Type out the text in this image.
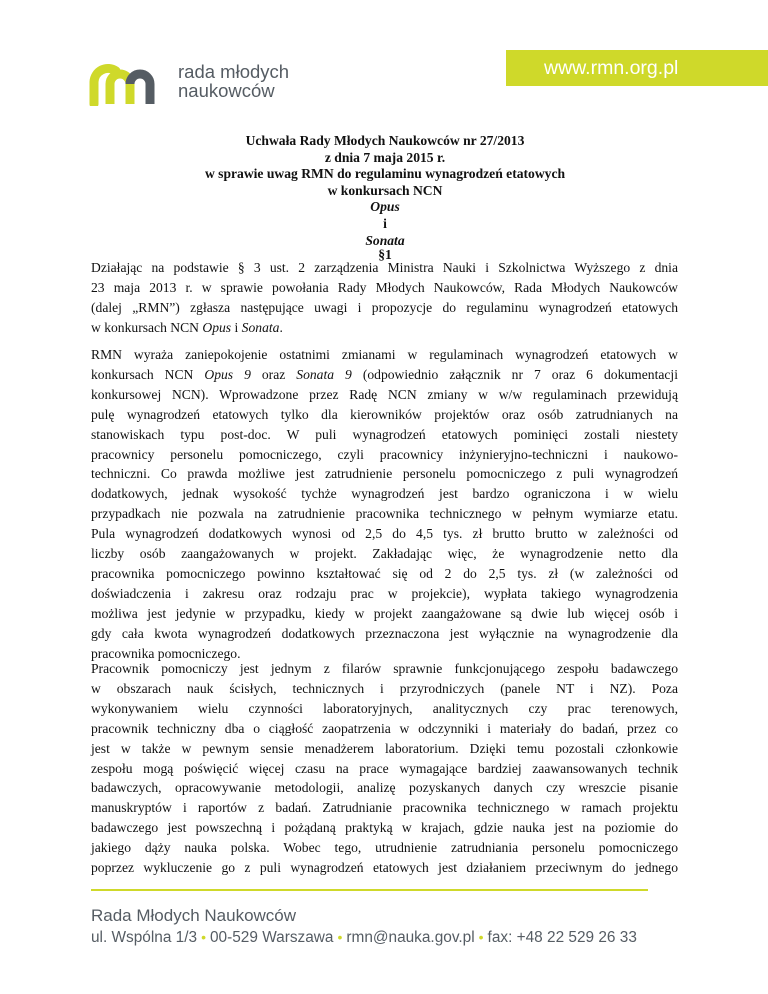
rada młodych
naukowców
www.rmn.org.pl
Uchwała Rady Młodych Naukowców nr 27/2013
z dnia 7 maja 2015 r.
w sprawie uwag RMN do regulaminu wynagrodzeń etatowych
w konkursach NCN
Opus
i
Sonata
§1
Działając na podstawie § 3 ust. 2 zarządzenia Ministra Nauki i Szkolnictwa Wyższego z dnia
23 maja 2013 r. w sprawie powołania Rady Młodych Naukowców, Rada Młodych Naukowców
(dalej „RMN”) zgłasza następujące uwagi i propozycje do regulaminu wynagrodzeń etatowych
w konkursach NCN Opus i Sonata.
RMN wyraża zaniepokojenie ostatnimi zmianami w regulaminach wynagrodzeń etatowych w
konkursach NCN Opus 9 oraz Sonata 9 (odpowiednio załącznik nr 7 oraz 6 dokumentacji
konkursowej NCN). Wprowadzone przez Radę NCN zmiany w w/w regulaminach przewidują
pulę wynagrodzeń etatowych tylko dla kierowników projektów oraz osób zatrudnianych na
stanowiskach typu post-doc. W puli wynagrodzeń etatowych pominięci zostali niestety
pracownicy personelu pomocniczego, czyli pracownicy inżynieryjno-techniczni i naukowo-
techniczni. Co prawda możliwe jest zatrudnienie personelu pomocniczego z puli wynagrodzeń
dodatkowych, jednak wysokość tychże wynagrodzeń jest bardzo ograniczona i w wielu
przypadkach nie pozwala na zatrudnienie pracownika technicznego w pełnym wymiarze etatu.
Pula wynagrodzeń dodatkowych wynosi od 2,5 do 4,5 tys. zł brutto brutto w zależności od
liczby osób zaangażowanych w projekt. Zakładając więc, że wynagrodzenie netto dla
pracownika pomocniczego powinno kształtować się od 2 do 2,5 tys. zł (w zależności od
doświadczenia i zakresu oraz rodzaju prac w projekcie), wypłata takiego wynagrodzenia
możliwa jest jedynie w przypadku, kiedy w projekt zaangażowane są dwie lub więcej osób i
gdy cała kwota wynagrodzeń dodatkowych przeznaczona jest wyłącznie na wynagrodzenie dla
pracownika pomocniczego.
Pracownik pomocniczy jest jednym z filarów sprawnie funkcjonującego zespołu badawczego
w obszarach nauk ścisłych, technicznych i przyrodniczych (panele NT i NZ). Poza
wykonywaniem wielu czynności laboratoryjnych, analitycznych czy prac terenowych,
pracownik techniczny dba o ciągłość zaopatrzenia w odczynniki i materiały do badań, przez co
jest w także w pewnym sensie menadżerem laboratorium. Dzięki temu pozostali członkowie
zespołu mogą poświęcić więcej czasu na prace wymagające bardziej zaawansowanych technik
badawczych, opracowywanie metodologii, analizę pozyskanych danych czy wreszcie pisanie
manuskryptów i raportów z badań. Zatrudnianie pracownika technicznego w ramach projektu
badawczego jest powszechną i pożądaną praktyką w krajach, gdzie nauka jest na poziomie do
jakiego dąży nauka polska. Wobec tego, utrudnienie zatrudniania personelu pomocniczego
poprzez wykluczenie go z puli wynagrodzeń etatowych jest działaniem przeciwnym do jednego
Rada Młodych Naukowców
ul. Wspólna 1/3 • 00-529 Warszawa • rmn@nauka.gov.pl • fax: +48 22 529 26 33
